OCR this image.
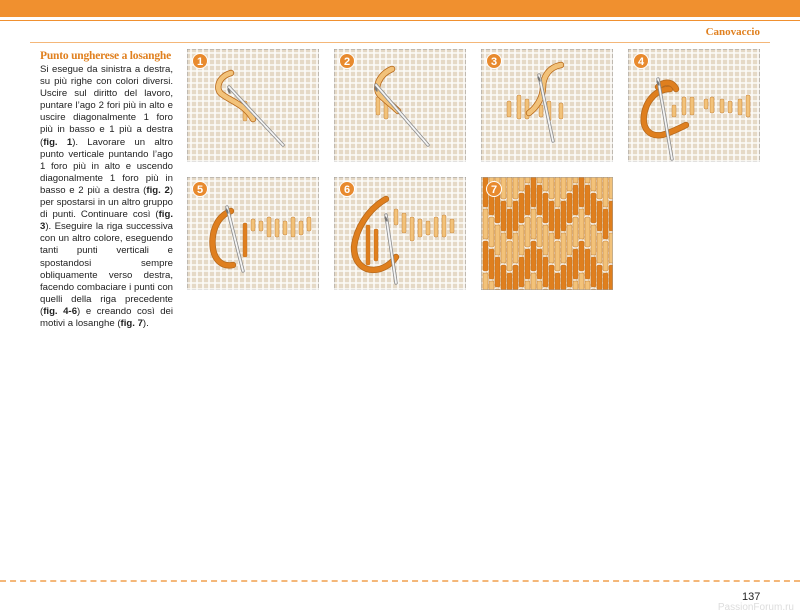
Canovaccio
Punto ungherese a losanghe
Si esegue da sinistra a destra, su più righe con colori diversi. Uscire sul diritto del lavoro, puntare l’ago 2 fori più in alto e uscire diagonalmente 1 foro più in basso e 1 più a destra (fig. 1). Lavorare un altro punto verticale puntando l’ago 1 foro più in alto e uscendo diagonalmente 1 foro più in basso e 2 più a destra (fig. 2) per spostarsi in un altro gruppo di punti. Continuare così (fig. 3). Eseguire la riga successiva con un altro colore, eseguendo tanti punti verticali e spostandosi sempre obliquamente verso destra, facendo combaciare i punti con quelli della riga precedente (fig. 4-6) e creando così dei motivi a losanghe (fig. 7).
1	2	3	4
5	6	7
137
PassionForum.ru
